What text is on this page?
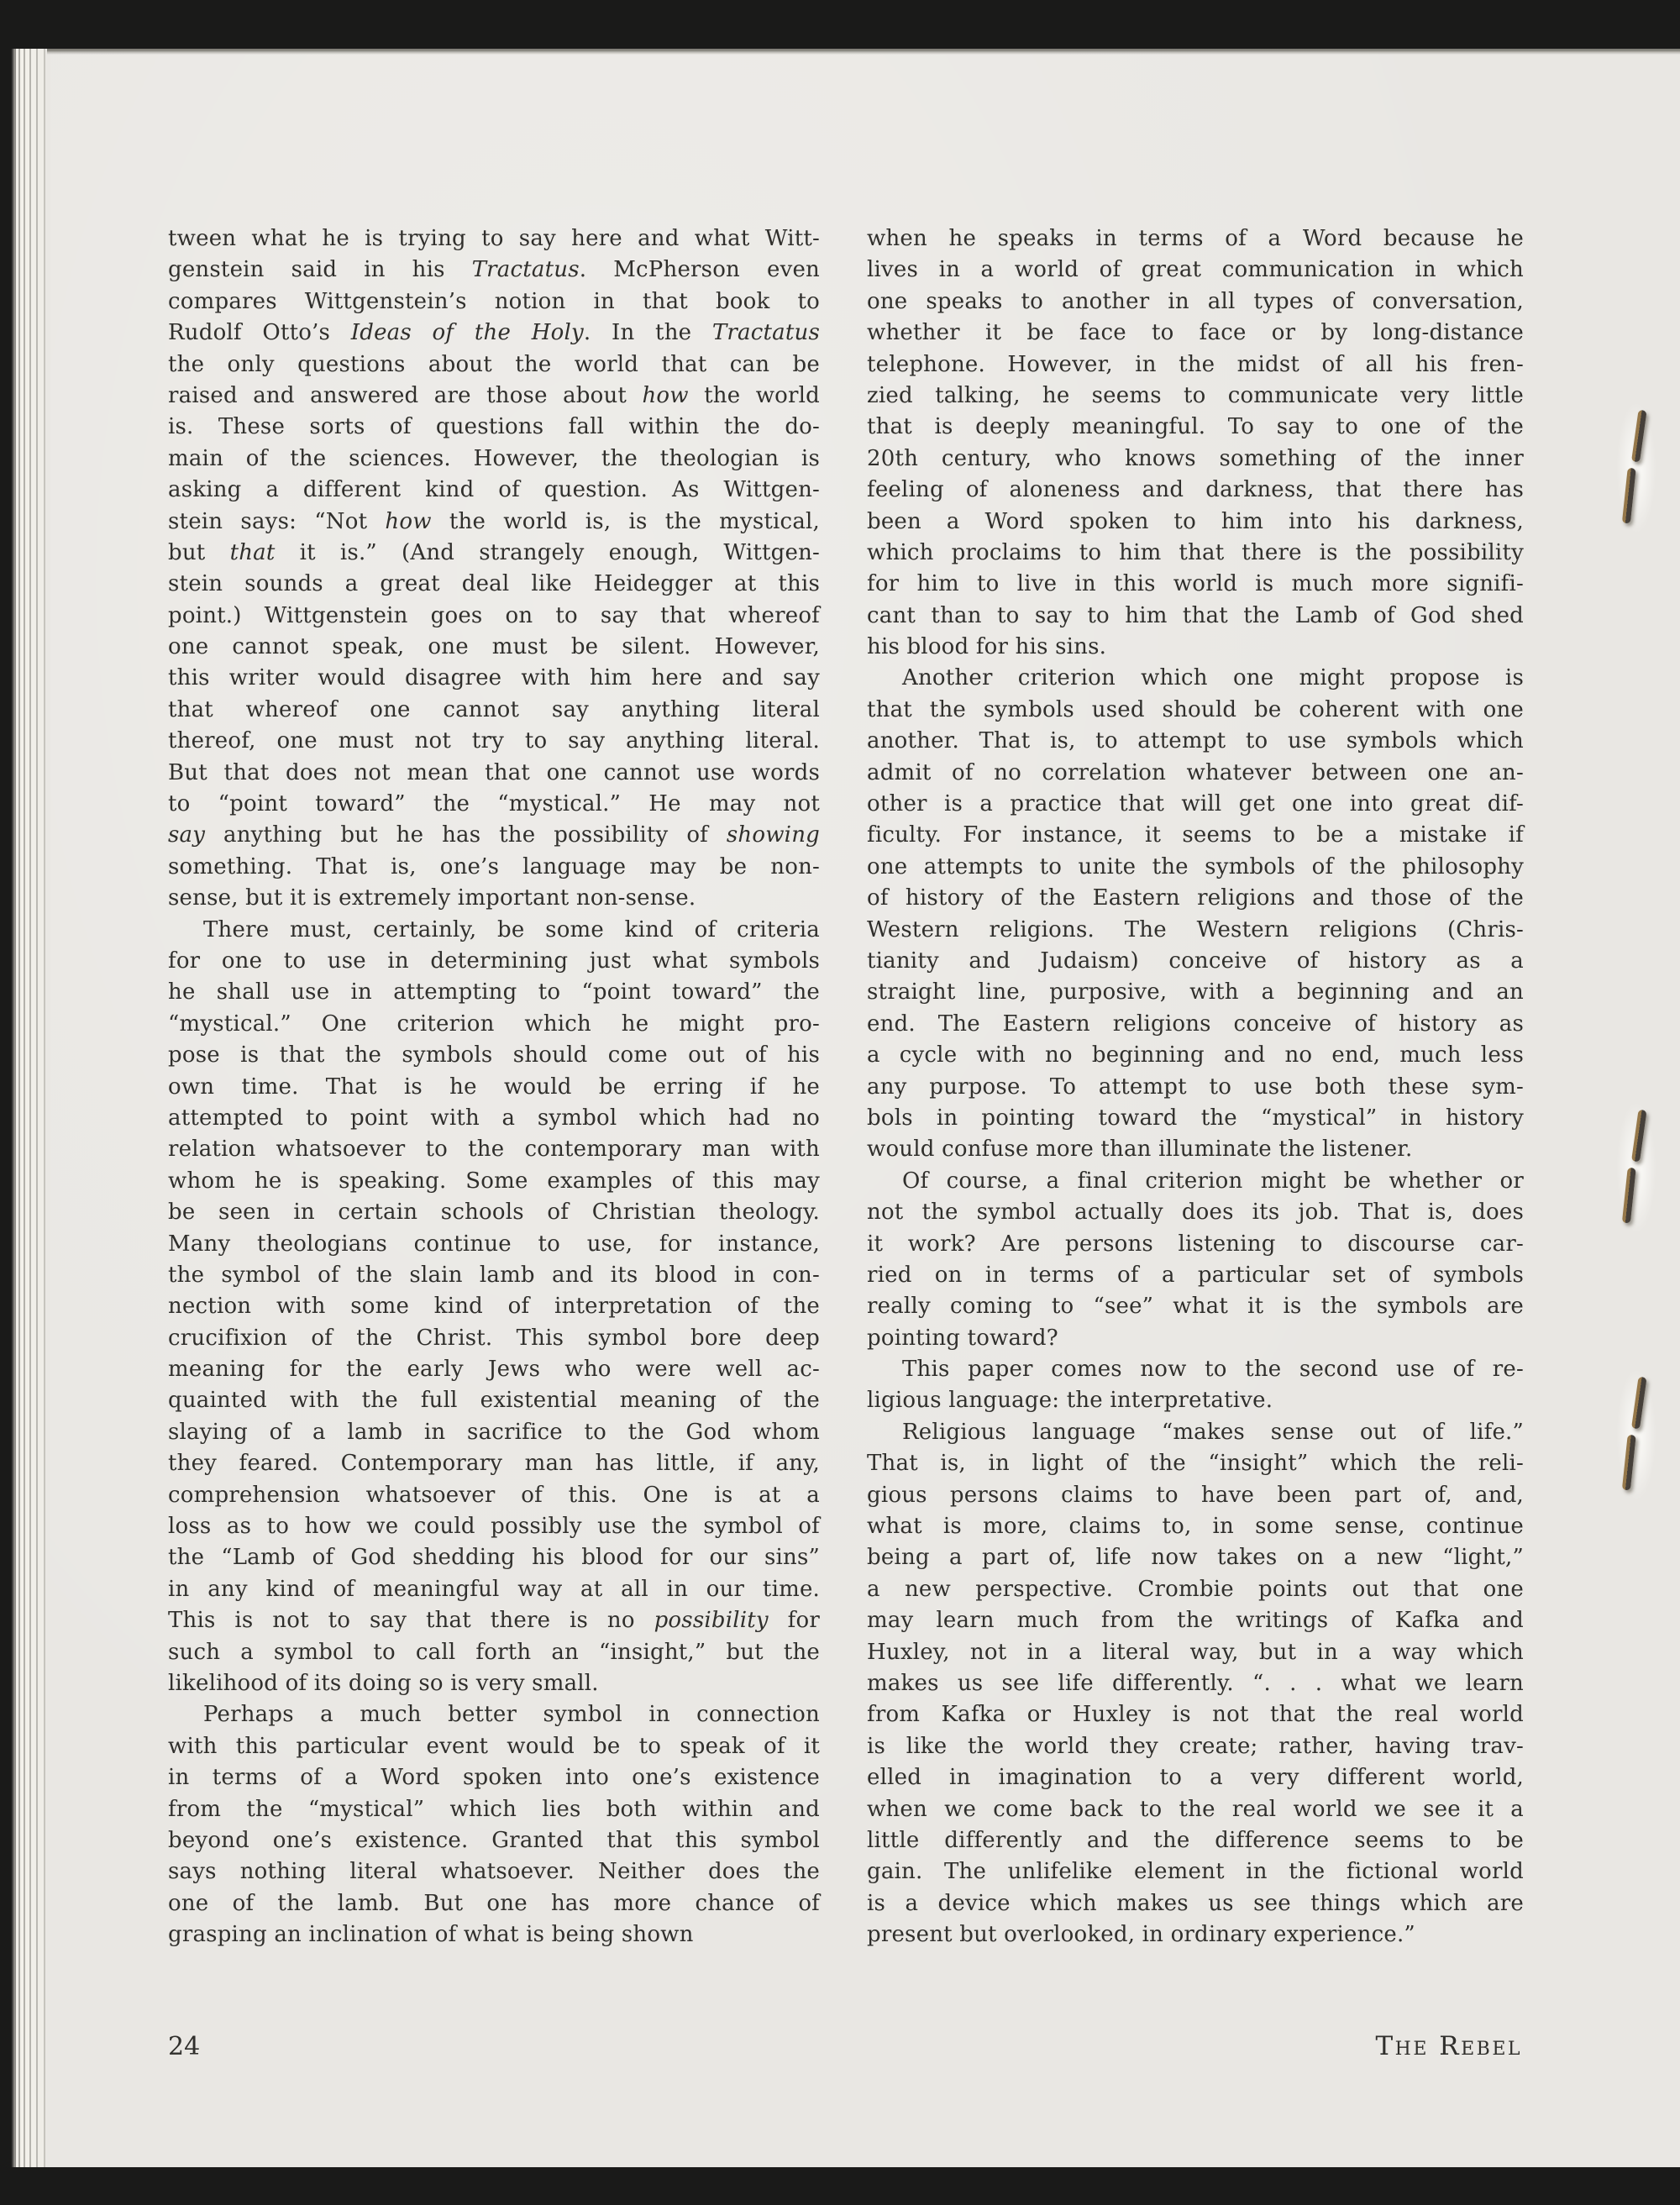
tween what he is trying to say here and what Witt-
genstein said in his Tractatus. McPherson even
compares Wittgenstein’s notion in that book to
Rudolf Otto’s Ideas of the Holy. In the Tractatus
the only questions about the world that can be
raised and answered are those about how the world
is. These sorts of questions fall within the do-
main of the sciences. However, the theologian is
asking a different kind of question. As Wittgen-
stein says: “Not how the world is, is the mystical,
but that it is.” (And strangely enough, Wittgen-
stein sounds a great deal like Heidegger at this
point.) Wittgenstein goes on to say that whereof
one cannot speak, one must be silent. However,
this writer would disagree with him here and say
that whereof one cannot say anything literal
thereof, one must not try to say anything literal.
But that does not mean that one cannot use words
to “point toward” the “mystical.” He may not
say anything but he has the possibility of showing
something. That is, one’s language may be non-
sense, but it is extremely important non-sense.
There must, certainly, be some kind of criteria
for one to use in determining just what symbols
he shall use in attempting to “point toward” the
“mystical.” One criterion which he might pro-
pose is that the symbols should come out of his
own time. That is he would be erring if he
attempted to point with a symbol which had no
relation whatsoever to the contemporary man with
whom he is speaking. Some examples of this may
be seen in certain schools of Christian theology.
Many theologians continue to use, for instance,
the symbol of the slain lamb and its blood in con-
nection with some kind of interpretation of the
crucifixion of the Christ. This symbol bore deep
meaning for the early Jews who were well ac-
quainted with the full existential meaning of the
slaying of a lamb in sacrifice to the God whom
they feared. Contemporary man has little, if any,
comprehension whatsoever of this. One is at a
loss as to how we could possibly use the symbol of
the “Lamb of God shedding his blood for our sins”
in any kind of meaningful way at all in our time.
This is not to say that there is no possibility for
such a symbol to call forth an “insight,” but the
likelihood of its doing so is very small.
Perhaps a much better symbol in connection
with this particular event would be to speak of it
in terms of a Word spoken into one’s existence
from the “mystical” which lies both within and
beyond one’s existence. Granted that this symbol
says nothing literal whatsoever. Neither does the
one of the lamb. But one has more chance of
grasping an inclination of what is being shown
when he speaks in terms of a Word because he
lives in a world of great communication in which
one speaks to another in all types of conversation,
whether it be face to face or by long-distance
telephone. However, in the midst of all his fren-
zied talking, he seems to communicate very little
that is deeply meaningful. To say to one of the
20th century, who knows something of the inner
feeling of aloneness and darkness, that there has
been a Word spoken to him into his darkness,
which proclaims to him that there is the possibility
for him to live in this world is much more signifi-
cant than to say to him that the Lamb of God shed
his blood for his sins.
Another criterion which one might propose is
that the symbols used should be coherent with one
another. That is, to attempt to use symbols which
admit of no correlation whatever between one an-
other is a practice that will get one into great dif-
ficulty. For instance, it seems to be a mistake if
one attempts to unite the symbols of the philosophy
of history of the Eastern religions and those of the
Western religions. The Western religions (Chris-
tianity and Judaism) conceive of history as a
straight line, purposive, with a beginning and an
end. The Eastern religions conceive of history as
a cycle with no beginning and no end, much less
any purpose. To attempt to use both these sym-
bols in pointing toward the “mystical” in history
would confuse more than illuminate the listener.
Of course, a final criterion might be whether or
not the symbol actually does its job. That is, does
it work? Are persons listening to discourse car-
ried on in terms of a particular set of symbols
really coming to “see” what it is the symbols are
pointing toward?
This paper comes now to the second use of re-
ligious language: the interpretative.
Religious language “makes sense out of life.”
That is, in light of the “insight” which the reli-
gious persons claims to have been part of, and,
what is more, claims to, in some sense, continue
being a part of, life now takes on a new “light,”
a new perspective. Crombie points out that one
may learn much from the writings of Kafka and
Huxley, not in a literal way, but in a way which
makes us see life differently. “. . . what we learn
from Kafka or Huxley is not that the real world
is like the world they create; rather, having trav-
elled in imagination to a very different world,
when we come back to the real world we see it a
little differently and the difference seems to be
gain. The unlifelike element in the fictional world
is a device which makes us see things which are
present but overlooked, in ordinary experience.”
24	The Rebel
